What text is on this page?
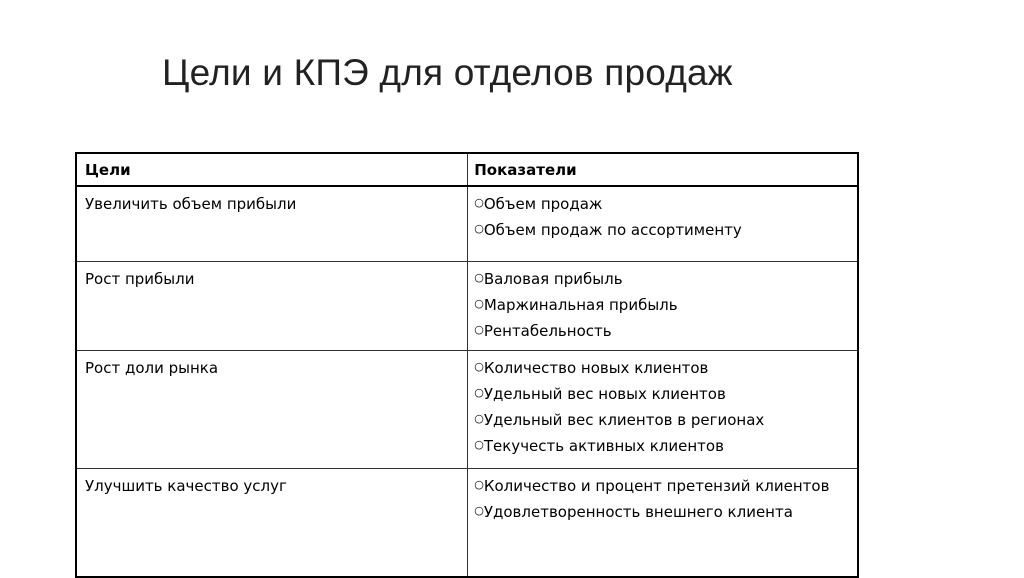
Цели и КПЭ для отделов продаж
Цели	Показатели
Увеличить объем прибыли	○Объем продаж
○Объем продаж по ассортименту

Рост прибыли	○Валовая прибыль
○Маржинальная прибыль
○Рентабельность

Рост доли рынка	○Количество новых клиентов
○Удельный вес новых клиентов
○Удельный вес клиентов в регионах
○Текучесть активных клиентов

Улучшить качество услуг	○Количество и процент претензий клиентов
○Удовлетворенность внешнего клиента
